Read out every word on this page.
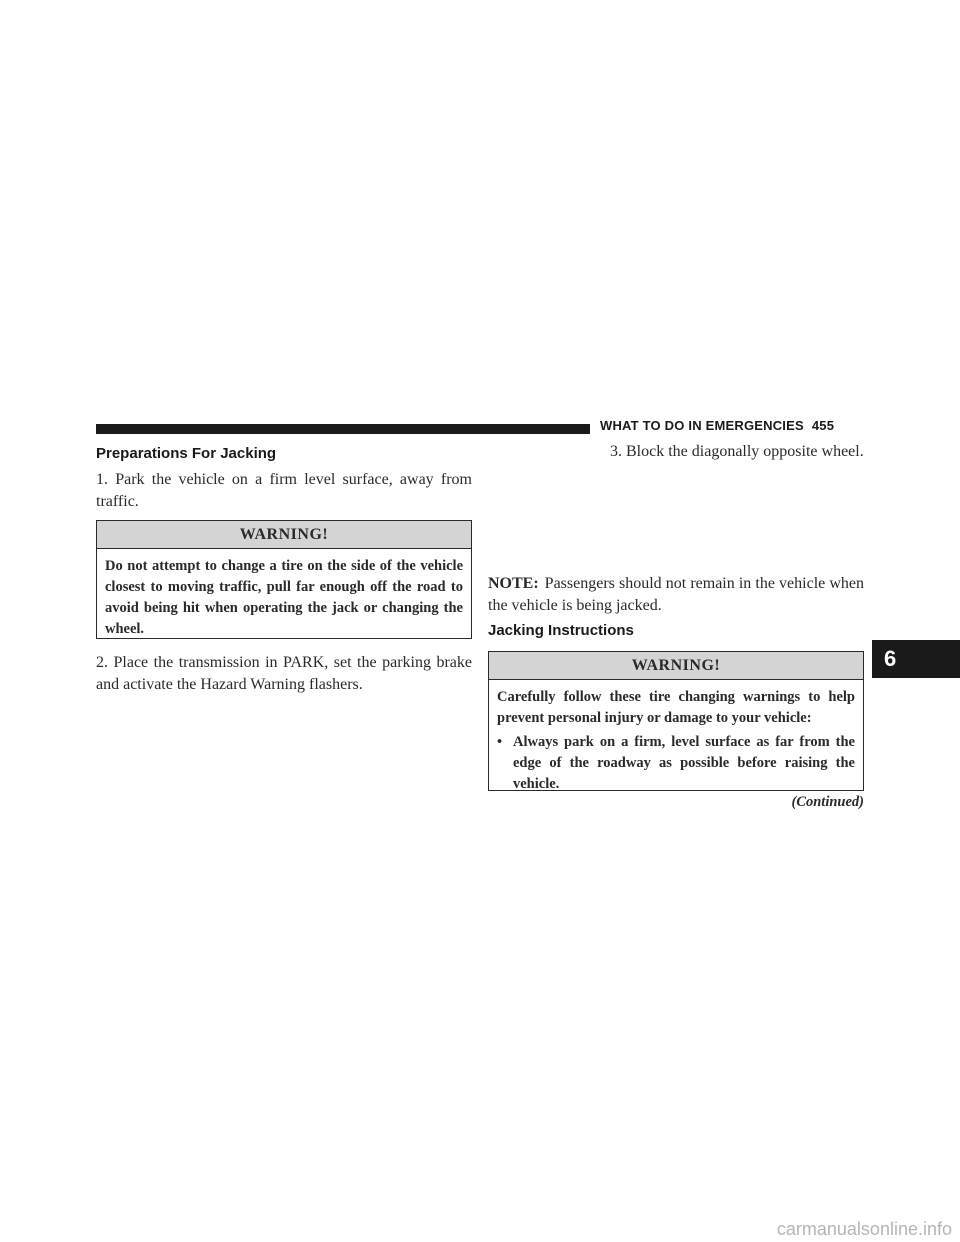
WHAT TO DO IN EMERGENCIES 455
Preparations For Jacking
1. Park the vehicle on a firm level surface, away from traffic.
WARNING!
Do not attempt to change a tire on the side of the vehicle closest to moving traffic, pull far enough off the road to avoid being hit when operating the jack or changing the wheel.
2. Place the transmission in PARK, set the parking brake and activate the Hazard Warning flashers.
3. Block the diagonally opposite wheel.
NOTE: Passengers should not remain in the vehicle when the vehicle is being jacked.
Jacking Instructions
WARNING!
Carefully follow these tire changing warnings to help prevent personal injury or damage to your vehicle:
• Always park on a firm, level surface as far from the edge of the roadway as possible before raising the vehicle.
(Continued)
6
carmanualsonline.info
